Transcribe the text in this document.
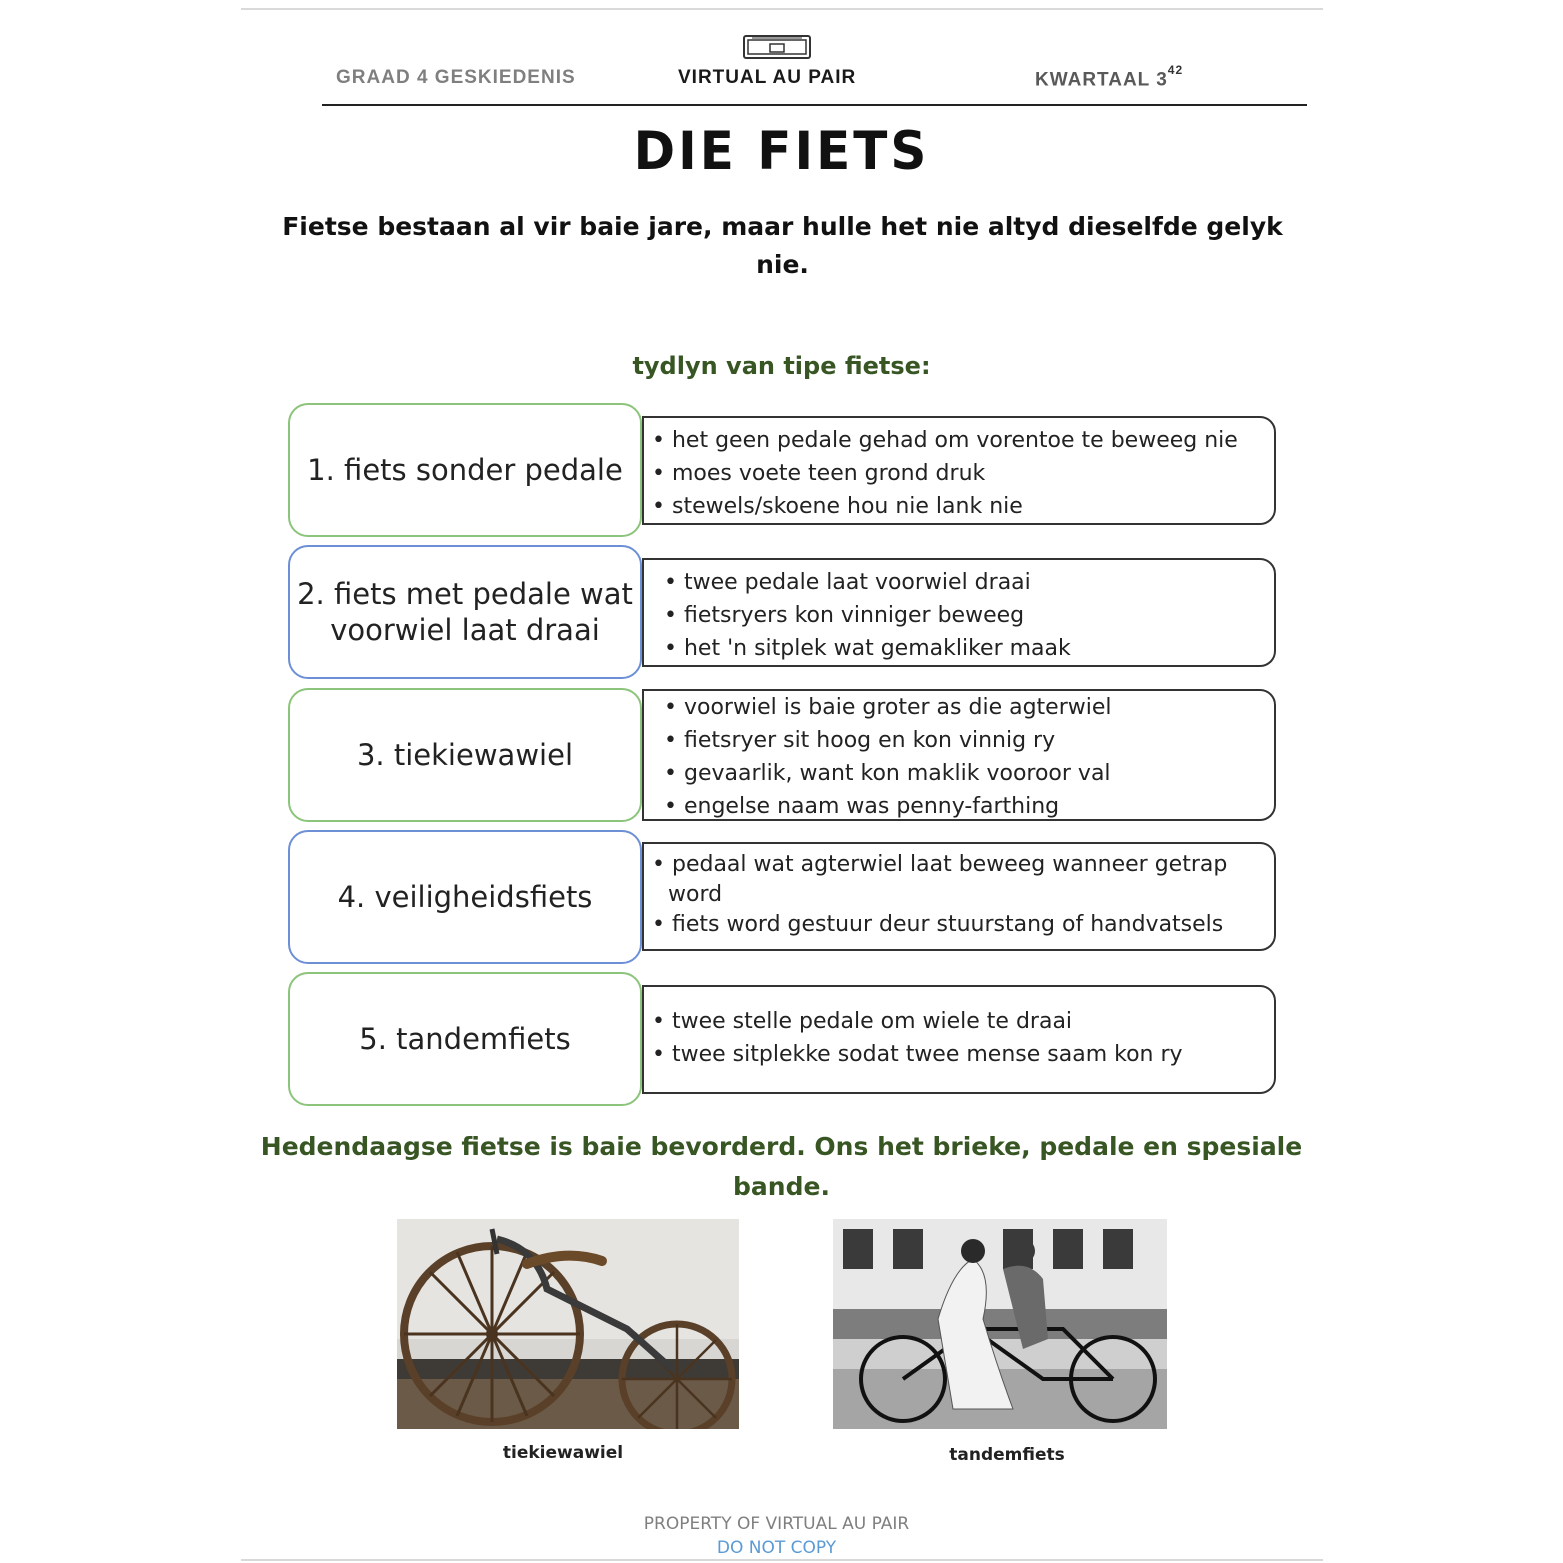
GRAAD 4 GESKIEDENIS	VIRTUAL AU PAIR	KWARTAAL $3^{42}$
DIE FIETS
Fietse bestaan al vir baie jare, maar hulle het nie altyd dieselfde gelyk nie.
tydlyn van tipe fietse:
1. fiets sonder pedale
• het geen pedale gehad om vorentoe te beweeg nie
• moes voete teen grond druk
• stewels/skoene hou nie lank nie
2. fiets met pedale wat voorwiel laat draai
• twee pedale laat voorwiel draai
• fietsryers kon vinniger beweeg
• het 'n sitplek wat gemakliker maak
3. tiekiewawiel
• voorwiel is baie groter as die agterwiel
• fietsryer sit hoog en kon vinnig ry
• gevaarlik, want kon maklik vooroor val
• engelse naam was penny-farthing
4. veiligheidsfiets
• pedaal wat agterwiel laat beweeg wanneer getrap word
• fiets word gestuur deur stuurstang of handvatsels
5. tandemfiets
• twee stelle pedale om wiele te draai
• twee sitplekke sodat twee mense saam kon ry
Hedendaagse fietse is baie bevorderd. Ons het brieke, pedale en spesiale bande.
tiekiewawiel	tandemfiets
PROPERTY OF VIRTUAL AU PAIR
DO NOT COPY
